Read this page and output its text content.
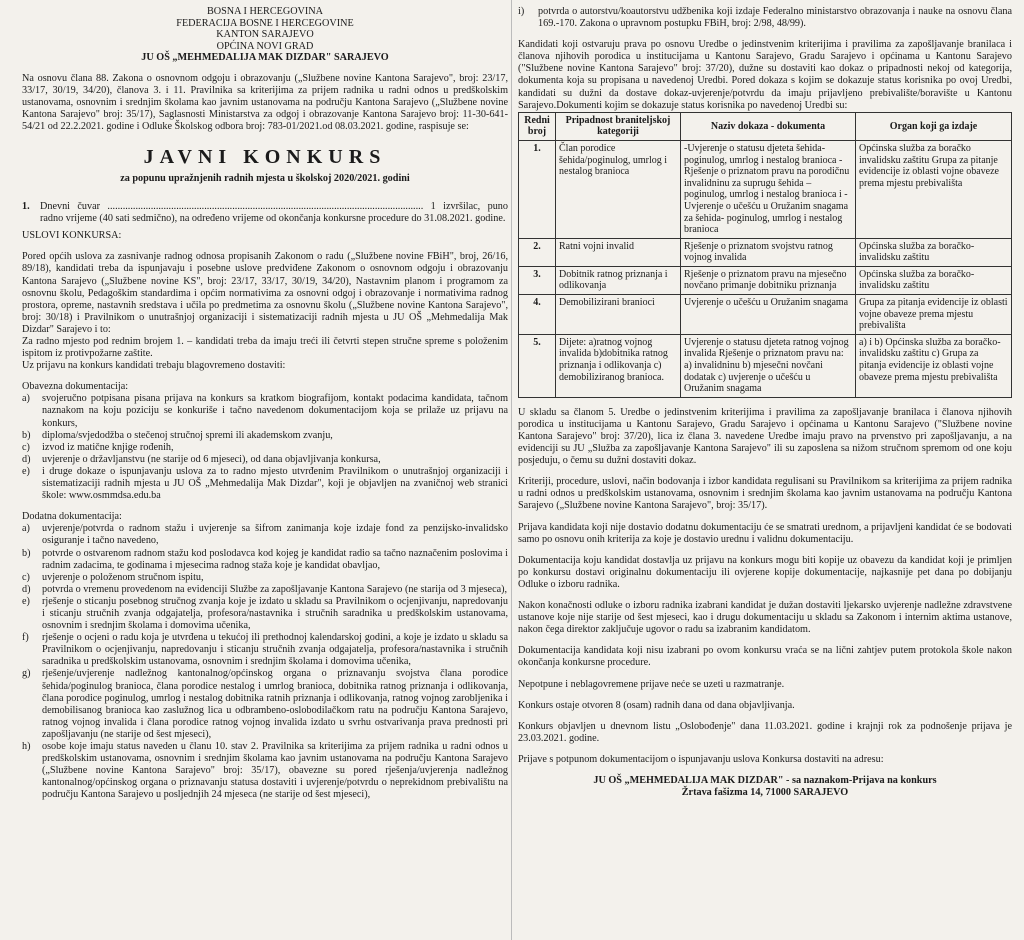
BOSNA I HERCEGOVINA
FEDERACIJA BOSNE I HERCEGOVINE
KANTON SARAJEVO
OPĆINA NOVI GRAD
JU OŠ „MEHMEDALIJA MAK DIZDAR" SARAJEVO

Na osnovu člana 88. Zakona o osnovnom odgoju i obrazovanju („Službene novine Kantona Sarajevo", broj: 23/17, 33/17, 30/19, 34/20), članova 3. i 11. Pravilnika sa kriterijima za prijem radnika u radni odnos u predškolskim ustanovama, osnovnim i srednjim školama kao javnim ustanovama na području Kantona Sarajevo („Službene novine Kantona Sarajevo" broj: 35/17), Saglasnosti Ministarstva za odgoj i obrazovanje Kantona Sarajevo broj: 11-30-641-54/21 od 22.2.2021. godine i Odluke Školskog odbora broj: 783-01/2021.od 08.03.2021. godine, raspisuje se:

JAVNI KONKURS
za popunu upražnjenih radnih mjesta u školskoj 2020/2021. godini
1.	Dnevni čuvar ............................................................................................................................ 1 izvršilac, puno radno vrijeme (40 sati sedmično), na određeno vrijeme od okončanja konkursne procedure do 31.08.2021. godine.

USLOVI KONKURSA:

Pored općih uslova za zasnivanje radnog odnosa propisanih Zakonom o radu („Službene novine FBiH", broj, 26/16, 89/18), kandidati treba da ispunjavaju i posebne uslove predviđene Zakonom o osnovnom odgoju i obrazovanju Kantona Sarajevo („Službene novine KS", broj: 23/17, 33/17, 30/19, 34/20), Nastavnim planom i programom za osnovnu školu, Pedagoškim standardima i općim normativima za osnovni odgoj i obrazovanje i normativima radnog prostora, opreme, nastavnih sredstava i učila po predmetima za osnovnu školu („Službene novine Kantona Sarajevo", broj: 30/18) i Pravilnikom o unutrašnjoj organizaciji i sistematizaciji radnih mjesta u JU OŠ „Mehmedalija Mak Dizdar" Sarajevo i to:

Za radno mjesto pod rednim brojem 1. – kandidati treba da imaju treći ili četvrti stepen stručne spreme s položenim ispitom iz protivpožarne zaštite.

Uz prijavu na konkurs kandidati trebaju blagovremeno dostaviti:

Obavezna dokumentacija:

a)	svojeručno potpisana pisana prijava na konkurs sa kratkom biografijom, kontakt podacima kandidata, tačnom naznakom na koju poziciju se konkuriše i tačno navedenom dokumentacijom koja se prilaže uz prijavu na konkurs,
b)	diploma/svjedodžba o stečenoj stručnoj spremi ili akademskom zvanju,
c)	izvod iz matične knjige rođenih,
d)	uvjerenje o državljanstvu (ne starije od 6 mjeseci), od dana objavljivanja konkursa,
e)	i druge dokaze o ispunjavanju uslova za to radno mjesto utvrđenim Pravilnikom o unutrašnjoj organizaciji i sistematizaciji radnih mjesta u JU OŠ „Mehmedalija Mak Dizdar", koji je objavljen na zvaničnoj web stranici škole: www.osmmdsa.edu.ba

Dodatna dokumentacija:

a)	uvjerenje/potvrda o radnom stažu i uvjerenje sa šifrom zanimanja koje izdaje fond za penzijsko-invalidsko osiguranje i tačno navedeno,
b)	potvrde o ostvarenom radnom stažu kod poslodavca kod kojeg je kandidat radio sa tačno naznačenim poslovima i radnim zadacima, te godinama i mjesecima radnog staža koje je kandidat obavljao,
c)	uvjerenje o položenom stručnom ispitu,
d)	potvrda o vremenu provedenom na evidenciji Službe za zapošljavanje Kantona Sarajevo (ne starija od 3 mjeseca),
e)	rješenje o sticanju posebnog stručnog zvanja koje je izdato u skladu sa Pravilnikom o ocjenjivanju, napredovanju i sticanju stručnih zvanja odgajatelja, profesora/nastavnika i stručnih saradnika u predškolskim ustanovama, osnovnim i srednjim školama i domovima učenika,
f)	rješenje o ocjeni o radu koja je utvrđena u tekućoj ili prethodnoj kalendarskoj godini, a koje je izdato u skladu sa Pravilnikom o ocjenjivanju, napredovanju i sticanju stručnih zvanja odgajatelja, profesora/nastavnika i stručnih saradnika u predškolskim ustanovama, osnovnim i srednjim školama i domovima učenika,
g)	rješenje/uvjerenje nadležnog kantonalnog/općinskog organa o priznavanju svojstva člana porodice šehida/poginulog branioca, člana porodice nestalog i umrlog branioca, dobitnika ratnog priznanja i odlikovanja, člana porodice poginulog, umrlog i nestalog dobitnika ratnih priznanja i odlikovanja, ratnog vojnog zarobljenika i demobilisanog branioca kao zaslužnog lica u odbrambeno-oslobodilačkom ratu na području Kantona Sarajevo, ratnog vojnog invalida i člana porodice ratnog vojnog invalida izdato u svrhu ostvarivanja prava prednosti pri zapošljavanju (ne starije od šest mjeseci),
h)	osobe koje imaju status naveden u članu 10. stav 2. Pravilnika sa kriterijima za prijem radnika u radni odnos u predškolskim ustanovama, osnovnim i srednjim školama kao javnim ustanovama na području Kantona Sarajevo („Službene novine Kantona Sarajevo" broj: 35/17), obavezne su pored rješenja/uvjerenja nadležnog kantonalnog/općinskog organa o priznavanju statusa dostaviti i uvjerenje/potvrdu o neprekidnom prebivalištu na području Kantona Sarajevo u posljednjih 24 mjeseca (ne starije od šest mjeseci),
i)	potvrda o autorstvu/koautorstvu udžbenika koji izdaje Federalno ministarstvo obrazovanja i nauke na osnovu člana 169.-170. Zakona o upravnom postupku FBiH, broj: 2/98, 48/99).

Kandidati koji ostvaruju prava po osnovu Uredbe o jedinstvenim kriterijima i pravilima za zapošljavanje branilaca i članova njihovih porodica u institucijama u Kantonu Sarajevo, Gradu Sarajevo i općinama u Kantonu Sarajevo ("Službene novine Kantona Sarajevo" broj: 37/20), dužne su dostaviti kao dokaz o pripadnosti nekoj od kategorija, dokumenta koja su propisana u navedenoj Uredbi. Pored dokaza s kojim se dokazuje status korisnika po ovoj Uredbi, kandidati su dužni da dostave dokaz-uvjerenje/potvrdu da imaju prijavljeno prebivalište/boravište u Kantonu Sarajevo.Dokumenti kojim se dokazuje status korisnika po navedenoj Uredbi su:

Redni broj	Pripadnost braniteljskoj kategoriji	Naziv dokaza - dokumenta	Organ koji ga izdaje
1.	Član porodice šehida/poginulog, umrlog i nestalog branioca	-Uvjerenje o statusu djeteta šehida-poginulog, umrlog i nestalog branioca -Rješenje o priznatom pravu na porodičnu invalidninu za suprugu šehida – poginulog, umrlog i nestalog branioca i -Uvjerenje o učešću u Oružanim snagama za šehida- poginulog, umrlog i nestalog branioca	Općinska služba za boračko invalidsku zaštitu Grupa za pitanje evidencije iz oblasti vojne obaveze prema mjestu prebivališta
2.	Ratni vojni invalid	Rješenje o priznatom svojstvu ratnog vojnog invalida	Općinska služba za boračko-invalidsku zaštitu
3.	Dobitnik ratnog priznanja i odlikovanja	Rješenje o priznatom pravu na mjesečno novčano primanje dobitniku priznanja	Općinska služba za boračko-invalidsku zaštitu
4.	Demobilizirani branioci	Uvjerenje o učešću u Oružanim snagama	Grupa za pitanja evidencije iz oblasti vojne obaveze prema mjestu prebivališta
5.	Dijete: a)ratnog vojnog invalida b)dobitnika ratnog priznanja i odlikovanja c) demobiliziranog branioca.	Uvjerenje o statusu djeteta ratnog vojnog invalida Rješenje o priznatom pravu na: a) invalidninu b) mjesečni novčani dodatak c) uvjerenje o učešću u Oružanim snagama	a) i b) Općinska služba za boračko-invalidsku zaštitu c) Grupa za pitanja evidencije iz oblasti vojne obaveze prema mjestu prebivališta

U skladu sa članom 5. Uredbe o jedinstvenim kriterijima i pravilima za zapošljavanje branilaca i članova njihovih porodica u institucijama u Kantonu Sarajevo, Gradu Sarajevo i općinama u Kantonu Sarajevo ("Službene novine Kantona Sarajevo" broj: 37/20), lica iz člana 3. navedene Uredbe imaju pravo na prvenstvo pri zapošljavanju, a na evidenciji su JU „Služba za zapošljavanje Kantona Sarajevo" ili su zaposlena sa nižom stručnom spremom od one koju posjeduju, o čemu su dužni dostaviti dokaz.

Kriteriji, procedure, uslovi, način bodovanja i izbor kandidata regulisani su Pravilnikom sa kriterijima za prijem radnika u radni odnos u predškolskim ustanovama, osnovnim i srednjim školama kao javnim ustanovama na području Kantona Sarajevo („Službene novine Kantona Sarajevo", broj: 35/17).

Prijava kandidata koji nije dostavio dodatnu dokumentaciju će se smatrati urednom, a prijavljeni kandidat će se bodovati samo po osnovu onih kriterija za koje je dostavio urednu i validnu dokumentaciju.

Dokumentacija koju kandidat dostavlja uz prijavu na konkurs mogu biti kopije uz obavezu da kandidat koji je primljen po konkursu dostavi originalnu dokumentaciju ili ovjerene kopije dokumentacije, najkasnije pet dana po dobijanju Odluke o izboru radnika.

Nakon konačnosti odluke o izboru radnika izabrani kandidat je dužan dostaviti ljekarsko uvjerenje nadležne zdravstvene ustanove koje nije starije od šest mjeseci, kao i drugu dokumentaciju u skladu sa Zakonom i internim aktima ustanove, nakon čega direktor zaključuje ugovor o radu sa izabranim kandidatom.

Dokumentacija kandidata koji nisu izabrani po ovom konkursu vraća se na lični zahtjev putem protokola škole nakon okončanja konkursne procedure.

Nepotpune i neblagovremene prijave neće se uzeti u razmatranje.

Konkurs ostaje otvoren 8 (osam) radnih dana od dana objavljivanja.

Konkurs objavljen u dnevnom listu „Oslobođenje" dana 11.03.2021. godine i krajnji rok za podnošenje prijava je 23.03.2021. godine.

Prijave s potpunom dokumentacijom o ispunjavanju uslova Konkursa dostaviti na adresu:

JU OŠ „MEHMEDALIJA MAK DIZDAR" - sa naznakom-Prijava na konkurs
Žrtava fašizma 14, 71000 SARAJEVO
